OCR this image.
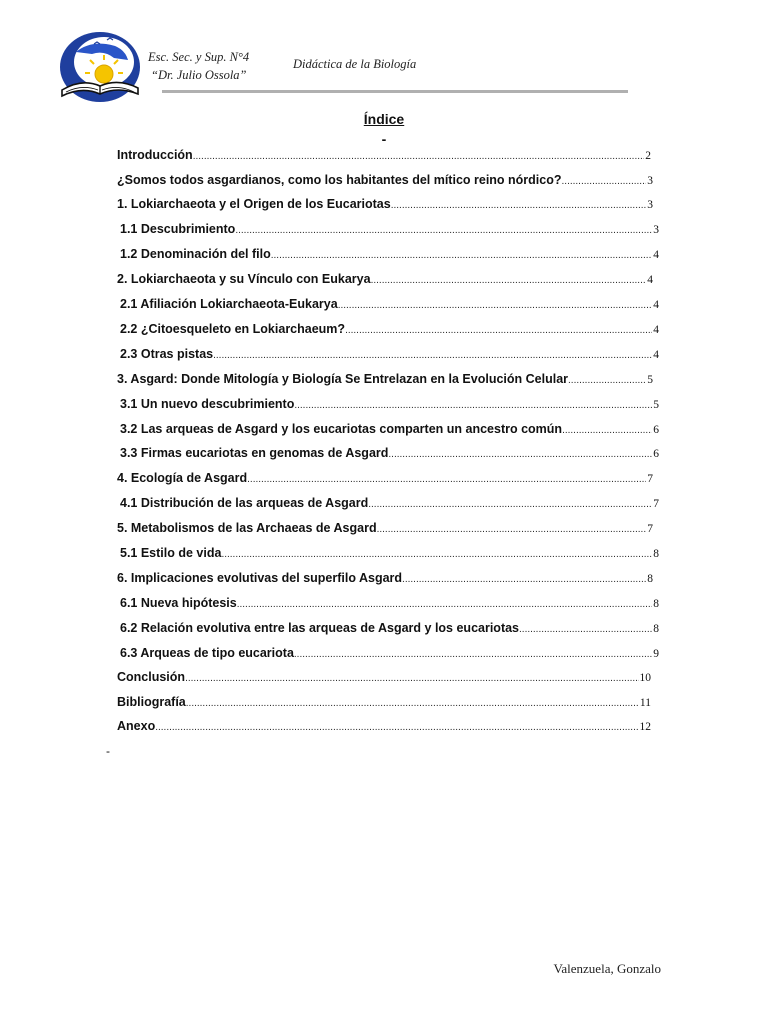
Esc. Sec. y Sup. N°4
“Dr. Julio Ossola”
Didáctica de la Biología
Índice
-
Introducción .....	2
¿Somos todos asgardianos, como los habitantes del mítico reino nórdico? .....	3
1. Lokiarchaeota y el Origen de los Eucariotas .....	3
1.1 Descubrimiento .....	3
1.2 Denominación del filo .....	4
2. Lokiarchaeota y su Vínculo con Eukarya .....	4
2.1 Afiliación Lokiarchaeota-Eukarya .....	4
2.2 ¿Citoesqueleto en Lokiarchaeum? .....	4
2.3 Otras pistas .....	4
3. Asgard: Donde Mitología y Biología Se Entrelazan en la Evolución Celular .....	5
3.1 Un nuevo descubrimiento .....	5
3.2 Las arqueas de Asgard y los eucariotas comparten un ancestro común .....	6
3.3 Firmas eucariotas en genomas de Asgard .....	6
4. Ecología de Asgard .....	7
4.1 Distribución de las arqueas de Asgard .....	7
5. Metabolismos de las Archaeas de Asgard .....	7
5.1 Estilo de vida .....	8
6. Implicaciones evolutivas del superfilo Asgard .....	8
6.1 Nueva hipótesis .....	8
6.2 Relación evolutiva entre las arqueas de Asgard y los eucariotas .....	8
6.3 Arqueas de tipo eucariota .....	9
Conclusión .....	10
Bibliografía .....	11
Anexo .....	12
-
Valenzuela, Gonzalo
